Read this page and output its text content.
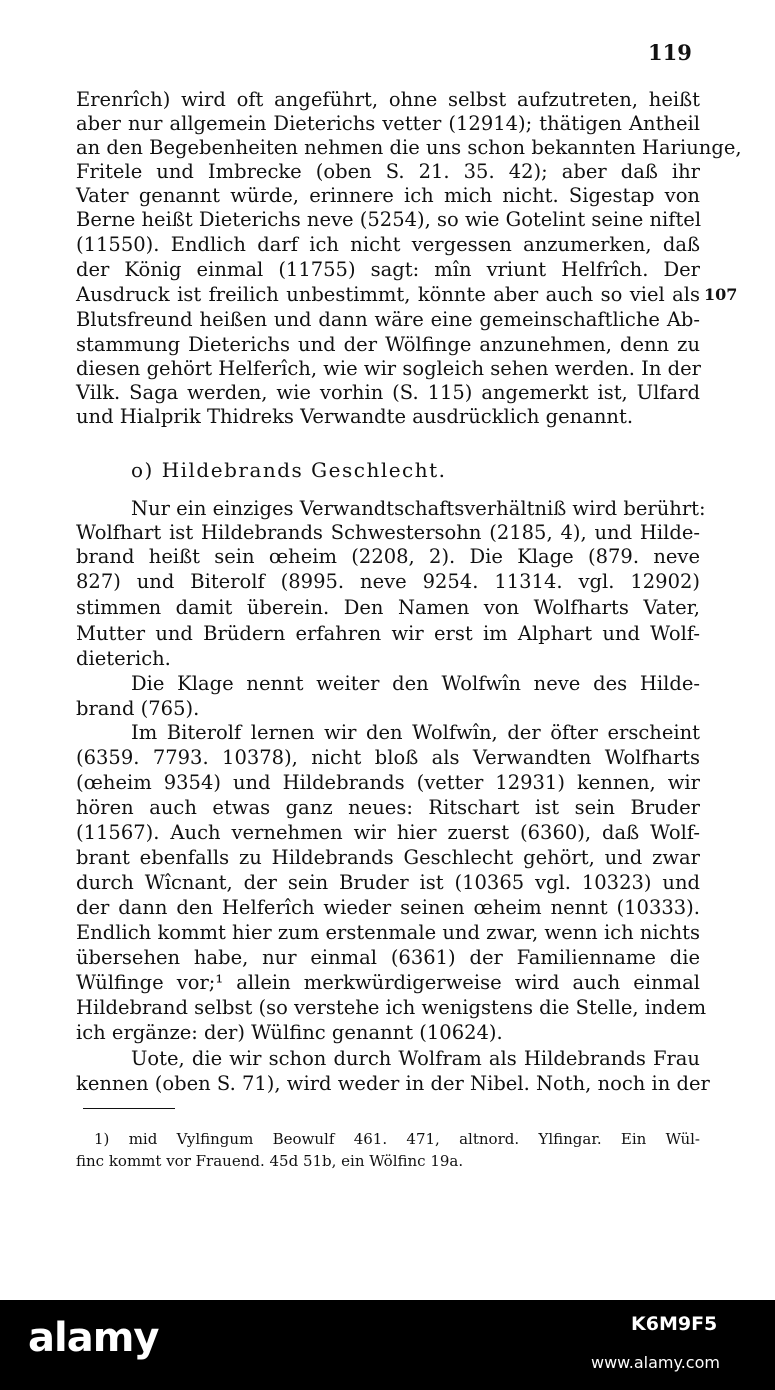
119
107
Erenrîch) wird oft angeführt, ohne selbst aufzutreten, heißt
aber nur allgemein Dieterichs vetter (12914); thätigen Antheil
an den Begebenheiten nehmen die uns schon bekannten Hariunge,
Fritele und Imbrecke (oben S. 21. 35. 42); aber daß ihr
Vater genannt würde, erinnere ich mich nicht. Sigestap von
Berne heißt Dieterichs neve (5254), so wie Gotelint seine niftel
(11550). Endlich darf ich nicht vergessen anzumerken, daß
der König einmal (11755) sagt: mîn vriunt Helfrîch. Der
Ausdruck ist freilich unbestimmt, könnte aber auch so viel als
Blutsfreund heißen und dann wäre eine gemeinschaftliche Ab-
stammung Dieterichs und der Wölfinge anzunehmen, denn zu
diesen gehört Helferîch, wie wir sogleich sehen werden. In der
Vilk. Saga werden, wie vorhin (S. 115) angemerkt ist, Ulfard
und Hialprik Thidreks Verwandte ausdrücklich genannt.
o) Hildebrands Geschlecht.
Nur ein einziges Verwandtschaftsverhältniß wird berührt:
Wolfhart ist Hildebrands Schwestersohn (2185, 4), und Hilde-
brand heißt sein œheim (2208, 2). Die Klage (879. neve
827) und Biterolf (8995. neve 9254. 11314. vgl. 12902)
stimmen damit überein. Den Namen von Wolfharts Vater,
Mutter und Brüdern erfahren wir erst im Alphart und Wolf-
dieterich.
Die Klage nennt weiter den Wolfwîn neve des Hilde-
brand (765).
Im Biterolf lernen wir den Wolfwîn, der öfter erscheint
(6359. 7793. 10378), nicht bloß als Verwandten Wolfharts
(œheim 9354) und Hildebrands (vetter 12931) kennen, wir
hören auch etwas ganz neues: Ritschart ist sein Bruder
(11567). Auch vernehmen wir hier zuerst (6360), daß Wolf-
brant ebenfalls zu Hildebrands Geschlecht gehört, und zwar
durch Wîcnant, der sein Bruder ist (10365 vgl. 10323) und
der dann den Helferîch wieder seinen œheim nennt (10333).
Endlich kommt hier zum erstenmale und zwar, wenn ich nichts
übersehen habe, nur einmal (6361) der Familienname die
Wülfinge vor;¹ allein merkwürdigerweise wird auch einmal
Hildebrand selbst (so verstehe ich wenigstens die Stelle, indem
ich ergänze: der) Wülfinc genannt (10624).
Uote, die wir schon durch Wolfram als Hildebrands Frau
kennen (oben S. 71), wird weder in der Nibel. Noth, noch in der
1) mid Vylfingum Beowulf 461. 471, altnord. Ylfingar. Ein Wül-
finc kommt vor Frauend. 45d 51b, ein Wölfinc 19a.
alamy	K6M9F5
www.alamy.com
